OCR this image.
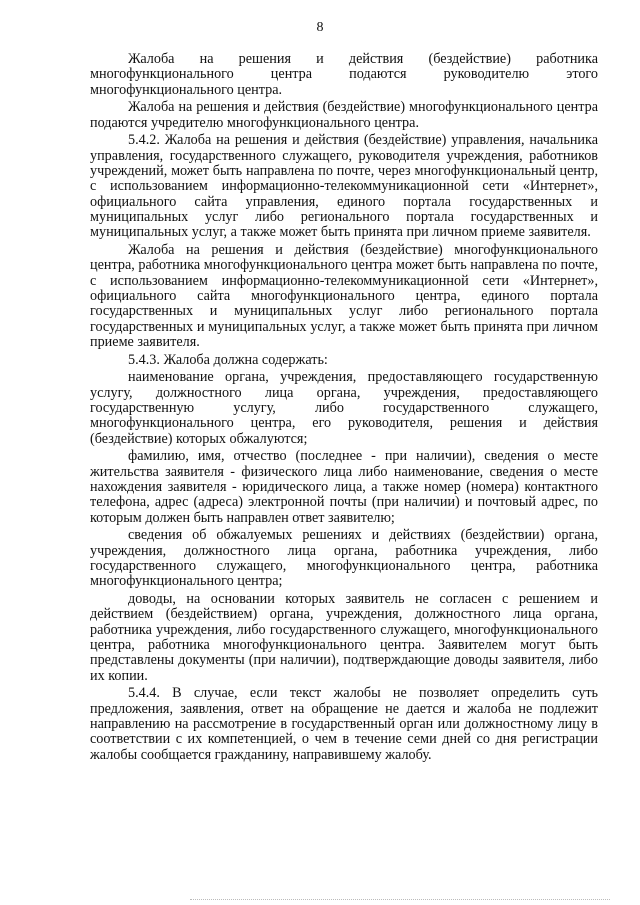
8

Жалоба на решения и действия (бездействие) работника многофункционального центра подаются руководителю этого многофункционального центра.

Жалоба на решения и действия (бездействие) многофункционального центра подаются учредителю многофункционального центра.

5.4.2. Жалоба на решения и действия (бездействие) управления, начальника управления, государственного служащего, руководителя учреждения, работников учреждений, может быть направлена по почте, через многофункциональный центр, с использованием информационно-телекоммуникационной сети «Интернет», официального сайта управления, единого портала государственных и муниципальных услуг либо регионального портала государственных и муниципальных услуг, а также может быть принята при личном приеме заявителя.

Жалоба на решения и действия (бездействие) многофункционального центра, работника многофункционального центра может быть направлена по почте, с использованием информационно-телекоммуникационной сети «Интернет», официального сайта многофункционального центра, единого портала государственных и муниципальных услуг либо регионального портала государственных и муниципальных услуг, а также может быть принята при личном приеме заявителя.

5.4.3. Жалоба должна содержать:

наименование органа, учреждения, предоставляющего государственную услугу, должностного лица органа, учреждения, предоставляющего государственную услугу, либо государственного служащего, многофункционального центра, его руководителя, решения и действия (бездействие) которых обжалуются;

фамилию, имя, отчество (последнее - при наличии), сведения о месте жительства заявителя - физического лица либо наименование, сведения о месте нахождения заявителя - юридического лица, а также номер (номера) контактного телефона, адрес (адреса) электронной почты (при наличии) и почтовый адрес, по которым должен быть направлен ответ заявителю;

сведения об обжалуемых решениях и действиях (бездействии) органа, учреждения, должностного лица органа, работника учреждения, либо государственного служащего, многофункционального центра, работника многофункционального центра;

доводы, на основании которых заявитель не согласен с решением и действием (бездействием) органа, учреждения, должностного лица органа, работника учреждения, либо государственного служащего, многофункционального центра, работника многофункционального центра. Заявителем могут быть представлены документы (при наличии), подтверждающие доводы заявителя, либо их копии.

5.4.4. В случае, если текст жалобы не позволяет определить суть предложения, заявления, ответ на обращение не дается и жалоба не подлежит направлению на рассмотрение в государственный орган или должностному лицу в соответствии с их компетенцией, о чем в течение семи дней со дня регистрации жалобы сообщается гражданину, направившему жалобу.
